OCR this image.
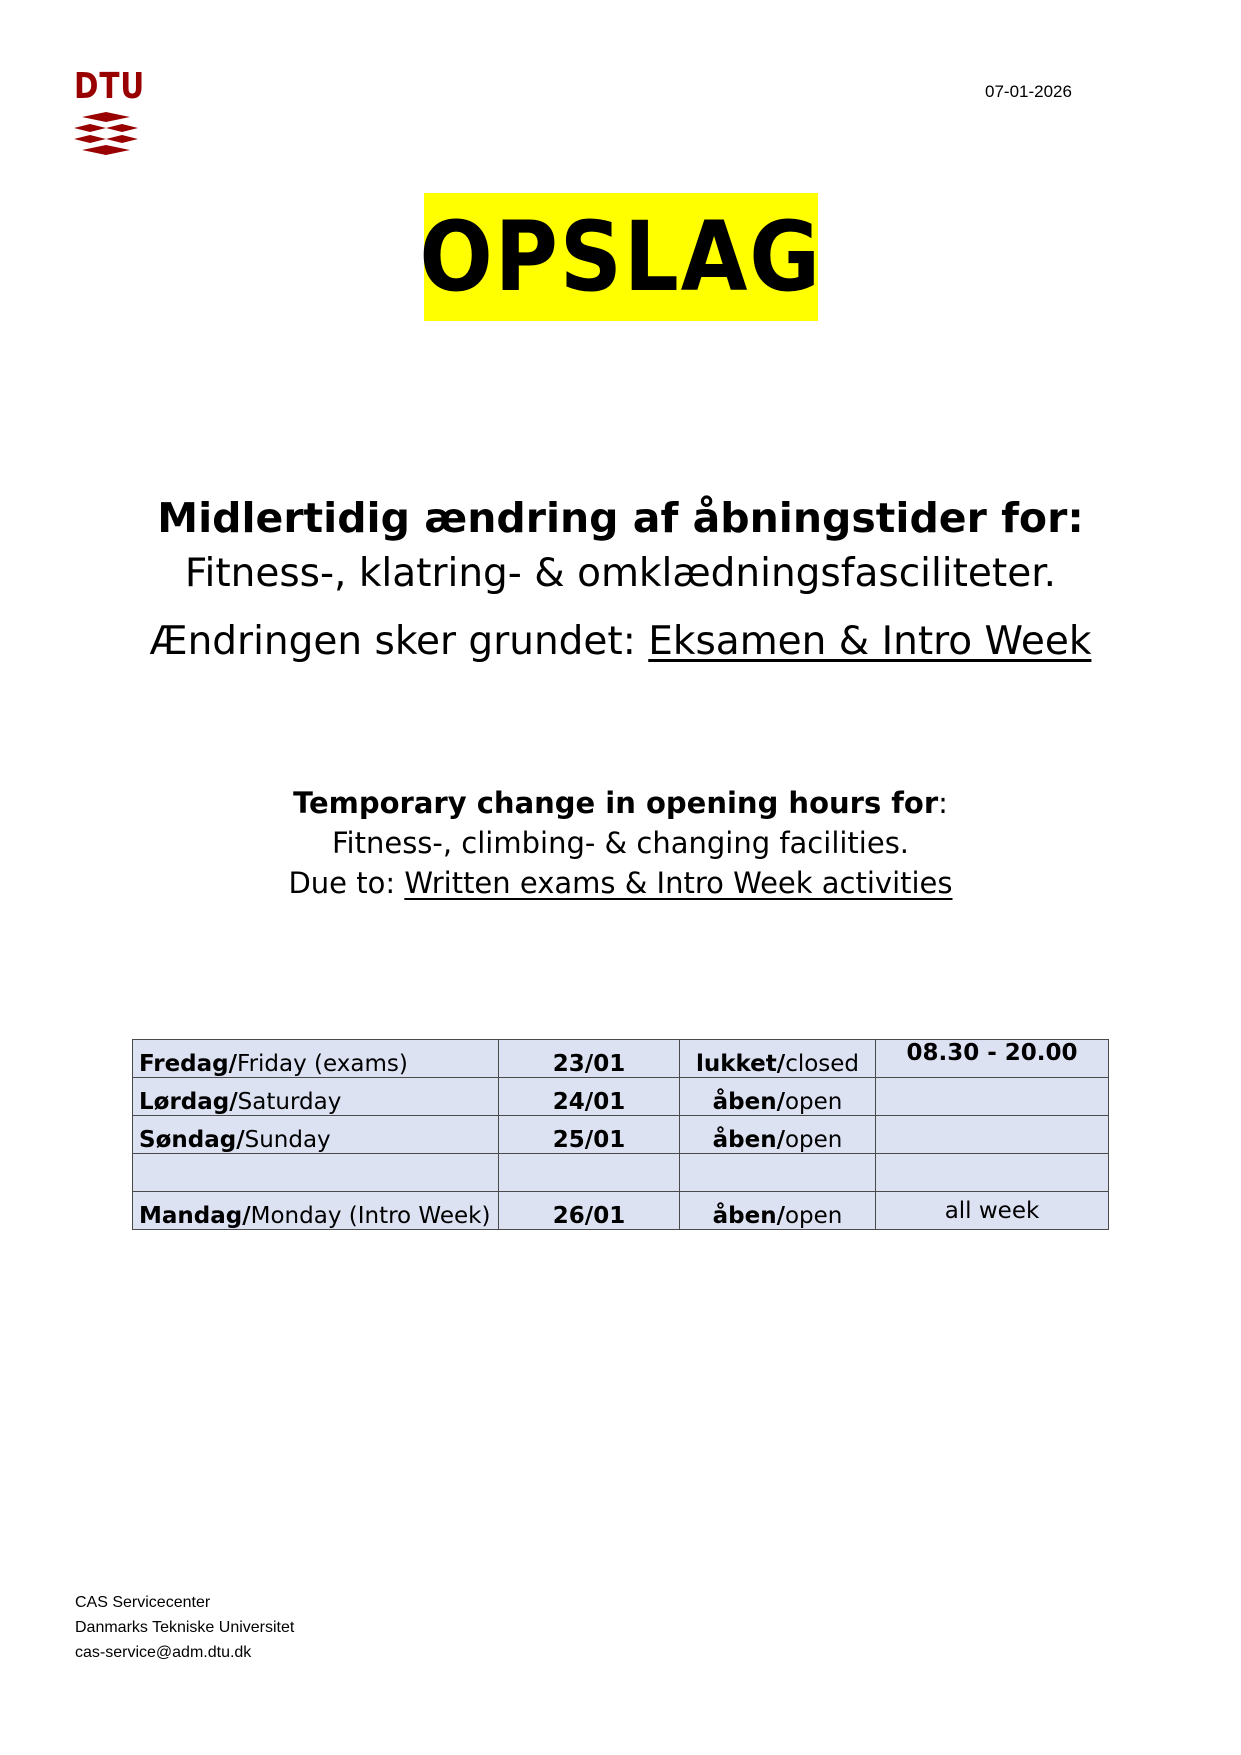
DTU	07-01-2026
OPSLAG
Midlertidig ændring af åbningstider for:
Fitness-, klatring- & omklædningsfasciliteter.
Ændringen sker grundet: Eksamen & Intro Week
Temporary change in opening hours for:
Fitness-, climbing- & changing facilities.
Due to: Written exams & Intro Week activities
Fredag/Friday (exams)	23/01	lukket/closed	08.30 - 20.00
Lørdag/Saturday	24/01	åben/open	
Søndag/Sunday	25/01	åben/open	

Mandag/Monday (Intro Week)	26/01	åben/open	all week
CAS Servicecenter
Danmarks Tekniske Universitet
cas-service@adm.dtu.dk
